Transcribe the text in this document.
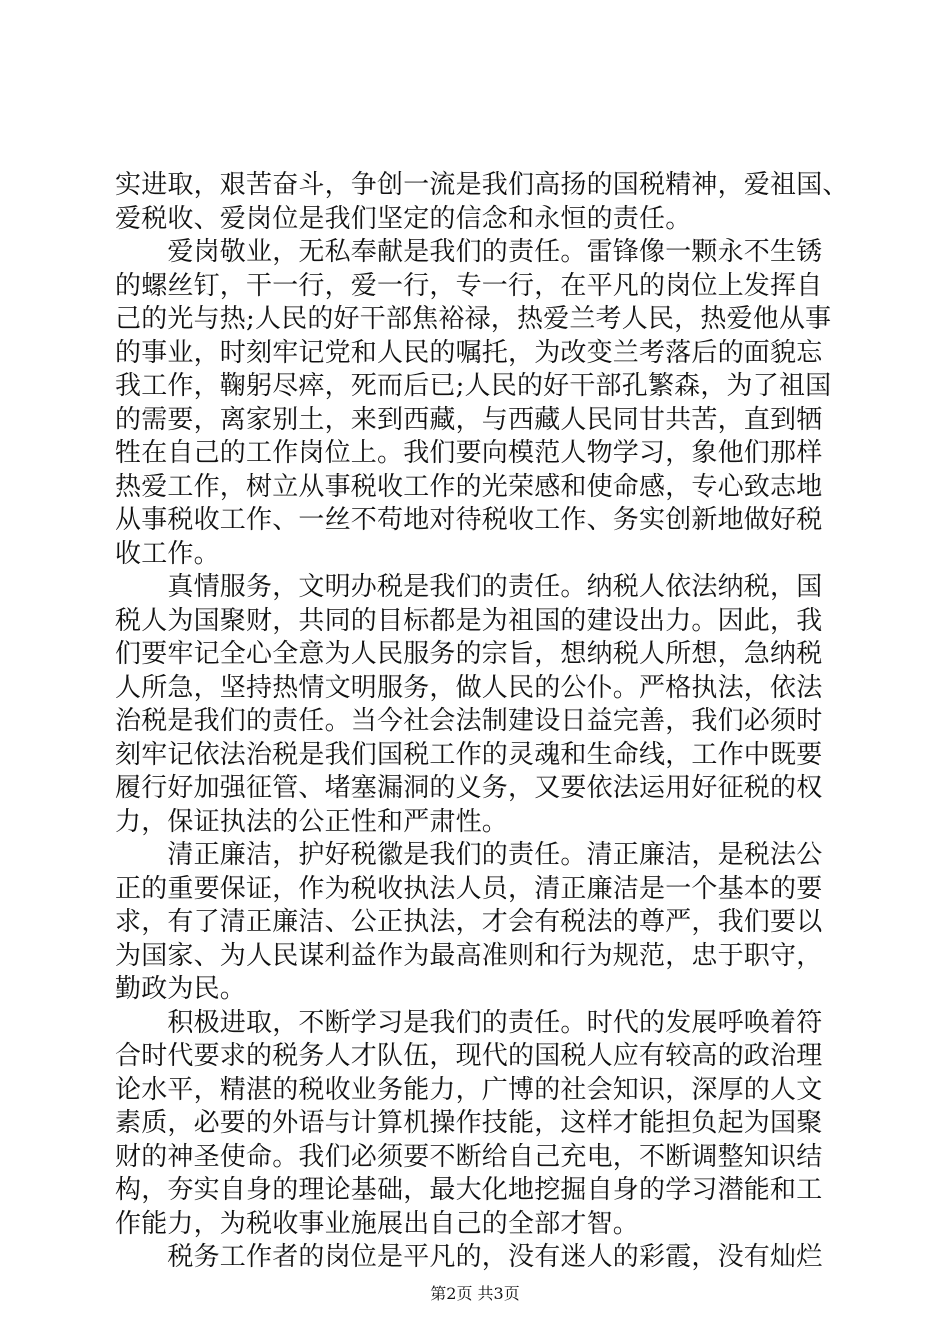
实进取，艰苦奋斗，争创一流是我们高扬的国税精神，爱祖国、
爱税收、爱岗位是我们坚定的信念和永恒的责任。
　　爱岗敬业，无私奉献是我们的责任。雷锋像一颗永不生锈
的螺丝钉，干一行，爱一行，专一行，在平凡的岗位上发挥自
己的光与热;人民的好干部焦裕禄，热爱兰考人民，热爱他从事
的事业，时刻牢记党和人民的嘱托，为改变兰考落后的面貌忘
我工作，鞠躬尽瘁，死而后已;人民的好干部孔繁森，为了祖国
的需要，离家别土，来到西藏，与西藏人民同甘共苦，直到牺
牲在自己的工作岗位上。我们要向模范人物学习，象他们那样
热爱工作，树立从事税收工作的光荣感和使命感，专心致志地
从事税收工作、一丝不苟地对待税收工作、务实创新地做好税
收工作。
　　真情服务，文明办税是我们的责任。纳税人依法纳税，国
税人为国聚财，共同的目标都是为祖国的建设出力。因此，我
们要牢记全心全意为人民服务的宗旨，想纳税人所想，急纳税
人所急，坚持热情文明服务，做人民的公仆。严格执法，依法
治税是我们的责任。当今社会法制建设日益完善，我们必须时
刻牢记依法治税是我们国税工作的灵魂和生命线，工作中既要
履行好加强征管、堵塞漏洞的义务，又要依法运用好征税的权
力，保证执法的公正性和严肃性。
　　清正廉洁，护好税徽是我们的责任。清正廉洁，是税法公
正的重要保证，作为税收执法人员，清正廉洁是一个基本的要
求，有了清正廉洁、公正执法，才会有税法的尊严，我们要以
为国家、为人民谋利益作为最高准则和行为规范，忠于职守，
勤政为民。
　　积极进取，不断学习是我们的责任。时代的发展呼唤着符
合时代要求的税务人才队伍，现代的国税人应有较高的政治理
论水平，精湛的税收业务能力，广博的社会知识，深厚的人文
素质，必要的外语与计算机操作技能，这样才能担负起为国聚
财的神圣使命。我们必须要不断给自己充电，不断调整知识结
构，夯实自身的理论基础，最大化地挖掘自身的学习潜能和工
作能力，为税收事业施展出自己的全部才智。
　　税务工作者的岗位是平凡的，没有迷人的彩霞，没有灿烂
第2页 共3页
